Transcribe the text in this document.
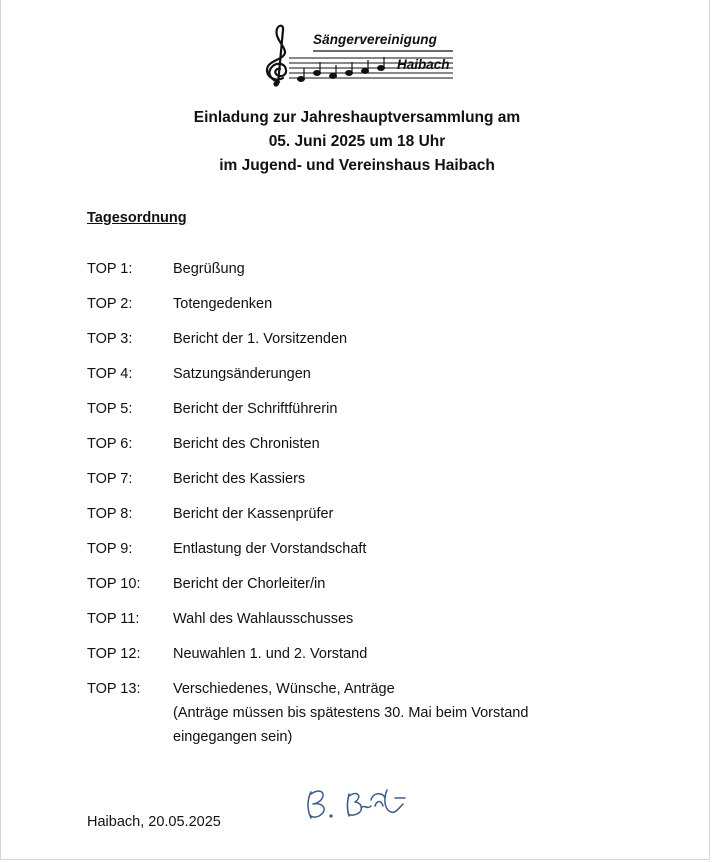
Sängervereinigung
Haibach
Einladung zur Jahreshauptversammlung am
05. Juni 2025 um 18 Uhr
im Jugend- und Vereinshaus Haibach
Tagesordnung
TOP 1:	Begrüßung
TOP 2:	Totengedenken
TOP 3:	Bericht der 1. Vorsitzenden
TOP 4:	Satzungsänderungen
TOP 5:	Bericht der Schriftführerin
TOP 6:	Bericht des Chronisten
TOP 7:	Bericht des Kassiers
TOP 8:	Bericht der Kassenprüfer
TOP 9:	Entlastung der Vorstandschaft
TOP 10: Bericht der Chorleiter/in
TOP 11: Wahl des Wahlausschusses
TOP 12: Neuwahlen 1. und 2. Vorstand
TOP 13: Verschiedenes, Wünsche, Anträge
(Anträge müssen bis spätestens 30. Mai beim Vorstand
eingegangen sein)
Haibach, 20.05.2025
